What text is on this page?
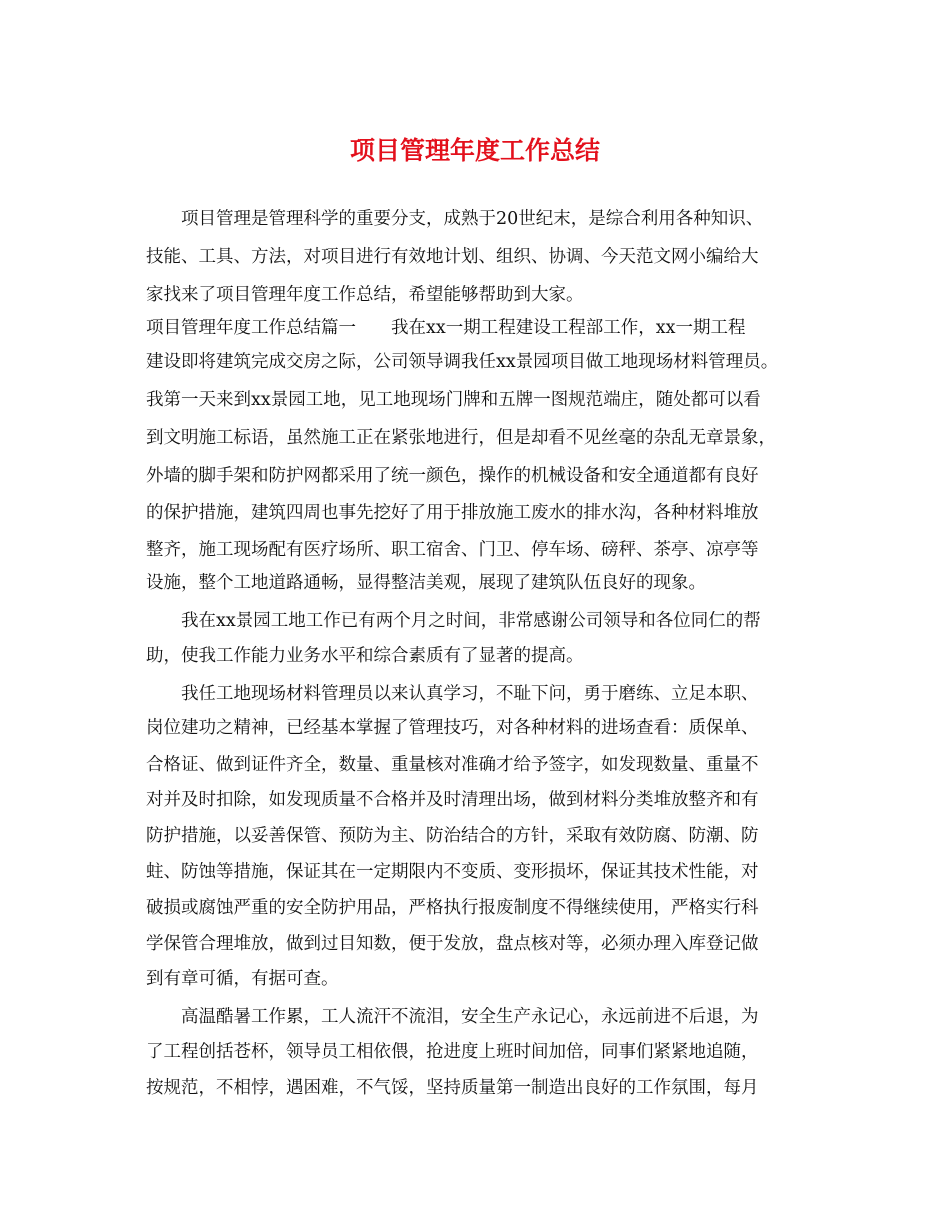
项目管理年度工作总结

　　项目管理是管理科学的重要分支，成熟于20世纪末，是综合利用各种知识、

技能、工具、方法，对项目进行有效地计划、组织、协调、今天范文网小编给大

家找来了项目管理年度工作总结，希望能够帮助到大家。

项目管理年度工作总结篇一　　我在xx一期工程建设工程部工作，xx一期工程

建设即将建筑完成交房之际，公司领导调我任xx景园项目做工地现场材料管理员。

我第一天来到xx景园工地，见工地现场门牌和五牌一图规范端庄，随处都可以看

到文明施工标语，虽然施工正在紧张地进行，但是却看不见丝毫的杂乱无章景象，

外墙的脚手架和防护网都采用了统一颜色，操作的机械设备和安全通道都有良好

的保护措施，建筑四周也事先挖好了用于排放施工废水的排水沟，各种材料堆放

整齐，施工现场配有医疗场所、职工宿舍、门卫、停车场、磅秤、茶亭、凉亭等

设施，整个工地道路通畅，显得整洁美观，展现了建筑队伍良好的现象。

　　我在xx景园工地工作已有两个月之时间，非常感谢公司领导和各位同仁的帮

助，使我工作能力业务水平和综合素质有了显著的提高。

　　我任工地现场材料管理员以来认真学习，不耻下问，勇于磨练、立足本职、

岗位建功之精神，已经基本掌握了管理技巧，对各种材料的进场查看：质保单、

合格证、做到证件齐全，数量、重量核对准确才给予签字，如发现数量、重量不

对并及时扣除，如发现质量不合格并及时清理出场，做到材料分类堆放整齐和有

防护措施，以妥善保管、预防为主、防治结合的方针，采取有效防腐、防潮、防

蛀、防蚀等措施，保证其在一定期限内不变质、变形损坏，保证其技术性能，对

破损或腐蚀严重的安全防护用品，严格执行报废制度不得继续使用，严格实行科

学保管合理堆放，做到过目知数，便于发放，盘点核对等，必须办理入库登记做

到有章可循，有据可查。

　　高温酷暑工作累，工人流汗不流泪，安全生产永记心，永远前进不后退，为

了工程创括苍杯，领导员工相依偎，抢进度上班时间加倍，同事们紧紧地追随，

按规范，不相悖，遇困难，不气馁，坚持质量第一制造出良好的工作氛围，每月
